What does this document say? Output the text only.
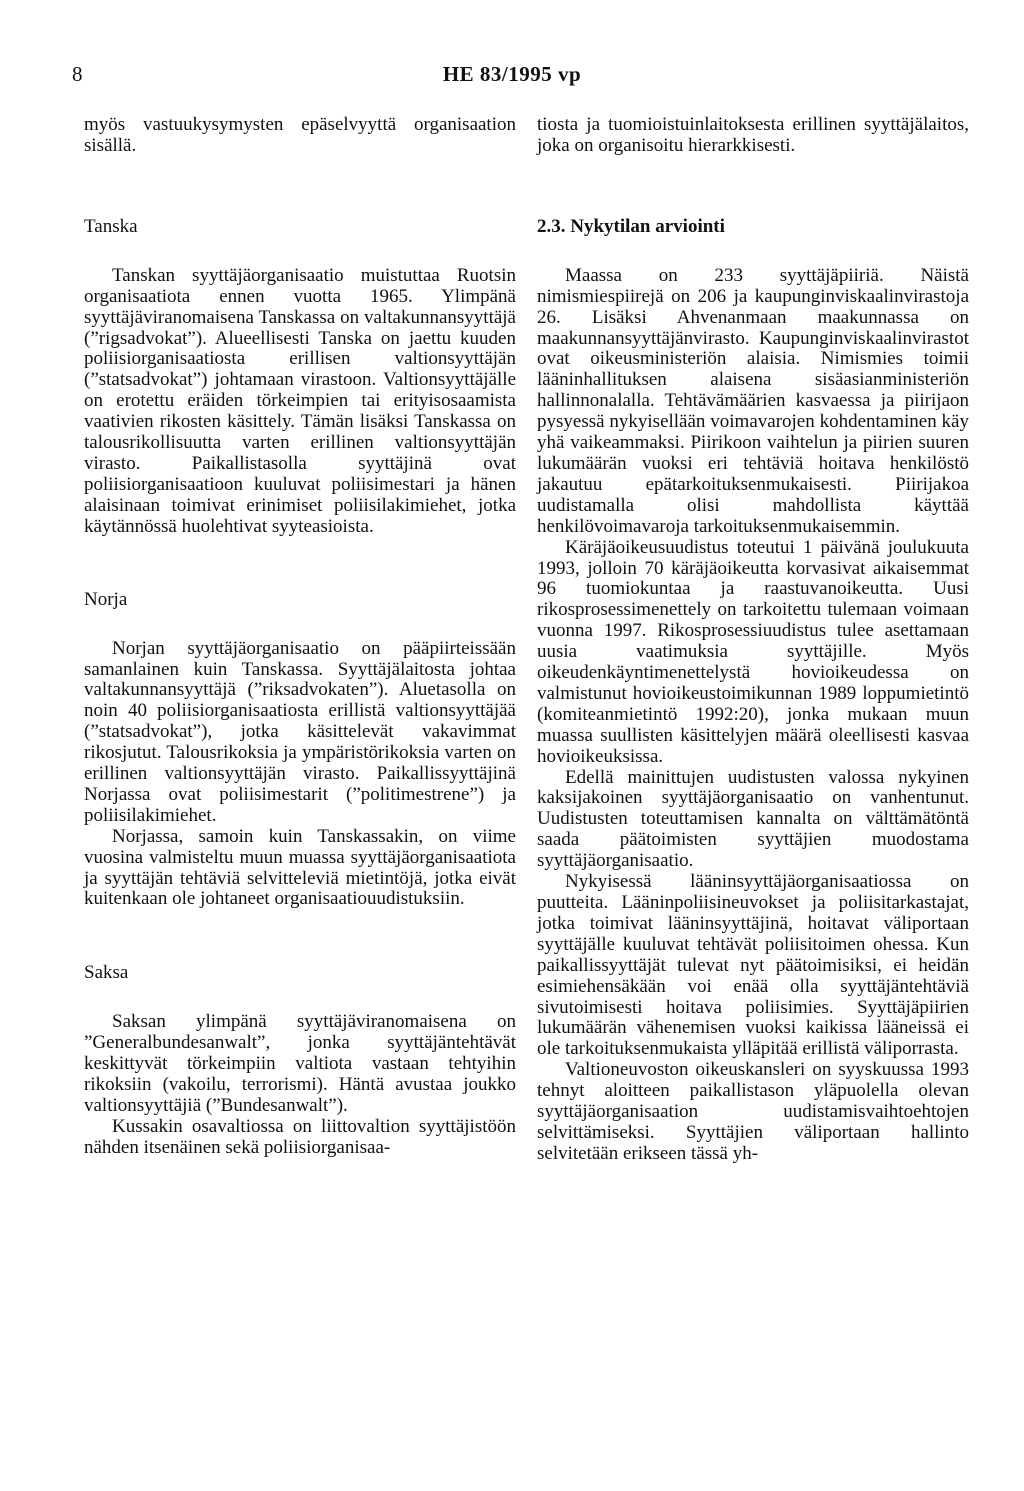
8	HE 83/1995 vp

myös vastuukysymysten epäselvyyttä organisaation sisällä.

Tanska

Tanskan syyttäjäorganisaatio muistuttaa Ruotsin organisaatiota ennen vuotta 1965. Ylimpänä syyttäjäviranomaisena Tanskassa on valtakunnansyyttäjä (”rigsadvokat”). Alueellisesti Tanska on jaettu kuuden poliisiorganisaatiosta erillisen valtionsyyttäjän (”statsadvokat”) johtamaan virastoon. Valtionsyyttäjälle on erotettu eräiden törkeimpien tai erityisosaamista vaativien rikosten käsittely. Tämän lisäksi Tanskassa on talousrikollisuutta varten erillinen valtionsyyttäjän virasto. Paikallistasolla syyttäjinä ovat poliisiorganisaatioon kuuluvat poliisimestari ja hänen alaisinaan toimivat erinimiset poliisilakimiehet, jotka käytännössä huolehtivat syyteasioista.

Norja

Norjan syyttäjäorganisaatio on pääpiirteissään samanlainen kuin Tanskassa. Syyttäjälaitosta johtaa valtakunnansyyttäjä (”riksadvokaten”). Aluetasolla on noin 40 poliisiorganisaatiosta erillistä valtionsyyttäjää (”statsadvokat”), jotka käsittelevät vakavimmat rikosjutut. Talousrikoksia ja ympäristörikoksia varten on erillinen valtionsyyttäjän virasto. Paikallissyyttäjinä Norjassa ovat poliisimestarit (”politimestrene”) ja poliisilakimiehet.

Norjassa, samoin kuin Tanskassakin, on viime vuosina valmisteltu muun muassa syyttäjäorganisaatiota ja syyttäjän tehtäviä selvitteleviä mietintöjä, jotka eivät kuitenkaan ole johtaneet organisaatiouudistuksiin.

Saksa

Saksan ylimpänä syyttäjäviranomaisena on ”Generalbundesanwalt”, jonka syyttäjäntehtävät keskittyvät törkeimpiin valtiota vastaan tehtyihin rikoksiin (vakoilu, terrorismi). Häntä avustaa joukko valtionsyyttäjiä (”Bundesanwalt”).

Kussakin osavaltiossa on liittovaltion syyttäjistöön nähden itsenäinen sekä poliisiorganisaa-

tiosta ja tuomioistuinlaitoksesta erillinen syyttäjälaitos, joka on organisoitu hierarkkisesti.

2.3. Nykytilan arviointi

Maassa on 233 syyttäjäpiiriä. Näistä nimismiespiirejä on 206 ja kaupunginviskaalinvirastoja 26. Lisäksi Ahvenanmaan maakunnassa on maakunnansyyttäjänvirasto. Kaupunginviskaalinvirastot ovat oikeusministeriön alaisia. Nimismies toimii lääninhallituksen alaisena sisäasianministeriön hallinnonalalla. Tehtävämäärien kasvaessa ja piirijaon pysyessä nykyisellään voimavarojen kohdentaminen käy yhä vaikeammaksi. Piirikoon vaihtelun ja piirien suuren lukumäärän vuoksi eri tehtäviä hoitava henkilöstö jakautuu epätarkoituksenmukaisesti. Piirijakoa uudistamalla olisi mahdollista käyttää henkilövoimavaroja tarkoituksenmukaisemmin.

Käräjäoikeusuudistus toteutui 1 päivänä joulukuuta 1993, jolloin 70 käräjäoikeutta korvasivat aikaisemmat 96 tuomiokuntaa ja raastuvanoikeutta. Uusi rikosprosessimenettely on tarkoitettu tulemaan voimaan vuonna 1997. Rikosprosessiuudistus tulee asettamaan uusia vaatimuksia syyttäjille. Myös oikeudenkäyntimenettelystä hovioikeudessa on valmistunut hovioikeustoimikunnan 1989 loppumietintö (komiteanmietintö 1992:20), jonka mukaan muun muassa suullisten käsittelyjen määrä oleellisesti kasvaa hovioikeuksissa.

Edellä mainittujen uudistusten valossa nykyinen kaksijakoinen syyttäjäorganisaatio on vanhentunut. Uudistusten toteuttamisen kannalta on välttämätöntä saada päätoimisten syyttäjien muodostama syyttäjäorganisaatio.

Nykyisessä lääninsyyttäjäorganisaatiossa on puutteita. Lääninpoliisineuvokset ja poliisitarkastajat, jotka toimivat lääninsyyttäjinä, hoitavat väliportaan syyttäjälle kuuluvat tehtävät poliisitoimen ohessa. Kun paikallissyyttäjät tulevat nyt päätoimisiksi, ei heidän esimiehensäkään voi enää olla syyttäjäntehtäviä sivutoimisesti hoitava poliisimies. Syyttäjäpiirien lukumäärän vähenemisen vuoksi kaikissa lääneissä ei ole tarkoituksenmukaista ylläpitää erillistä väliporrasta.

Valtioneuvoston oikeuskansleri on syyskuussa 1993 tehnyt aloitteen paikallistason yläpuolella olevan syyttäjäorganisaation uudistamisvaihtoehtojen selvittämiseksi. Syyttäjien väliportaan hallinto selvitetään erikseen tässä yh-
